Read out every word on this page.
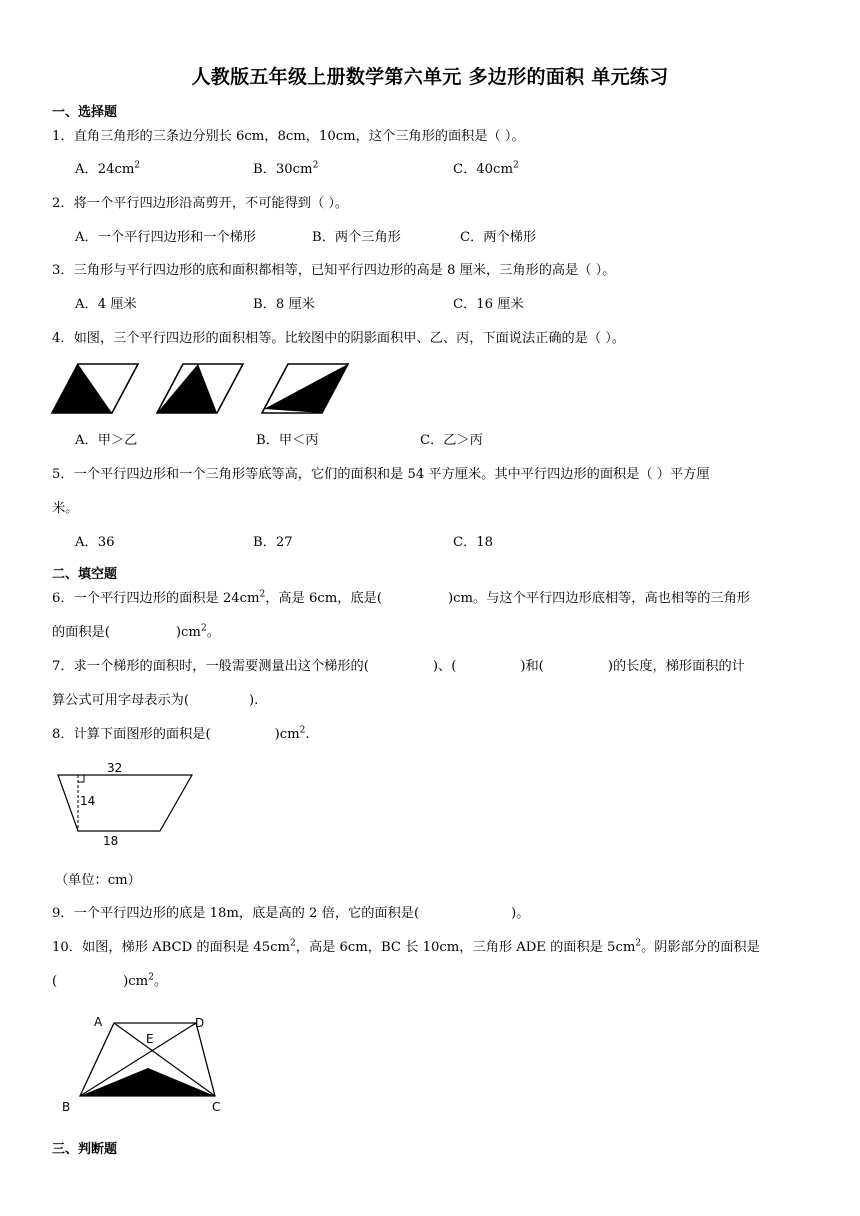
人教版五年级上册数学第六单元 多边形的面积 单元练习
一、选择题
1．直角三角形的三条边分别长 6cm，8cm，10cm，这个三角形的面积是（ ）。
A．$24cm^2$	B．$30cm^2$	C．$40cm^2$
2．将一个平行四边形沿高剪开，不可能得到（ ）。
A．一个平行四边形和一个梯形	B．两个三角形	C．两个梯形
3．三角形与平行四边形的底和面积都相等，已知平行四边形的高是 8 厘米，三角形的高是（ ）。
A．4 厘米	B．8 厘米	C．16 厘米
4．如图，三个平行四边形的面积相等。比较图中的阴影面积甲、乙、丙，下面说法正确的是（ ）。
A．甲＞乙	B．甲＜丙	C．乙＞丙
5．一个平行四边形和一个三角形等底等高，它们的面积和是 54 平方厘米。其中平行四边形的面积是（ ）平方厘
米。
A．36	B．27	C．18
二、填空题
6．一个平行四边形的面积是 $24cm^2$，高是 6cm，底是(	)cm。与这个平行四边形底相等，高也相等的三角形
的面积是(	)$cm^2$。
7．求一个梯形的面积时，一般需要测量出这个梯形的(	)、(	)和(	)的长度，梯形面积的计
算公式可用字母表示为(	).
8．计算下面图形的面积是(	)$cm^2$.
32
14
18
（单位：cm）
9．一个平行四边形的底是 18m，底是高的 2 倍，它的面积是(	)。
10．如图，梯形 ABCD 的面积是 $45cm^2$，高是 6cm，BC 长 10cm，三角形 ADE 的面积是 $5cm^2$。阴影部分的面积是
(	)$cm^2$。
A	D
E
B	C
三、判断题
